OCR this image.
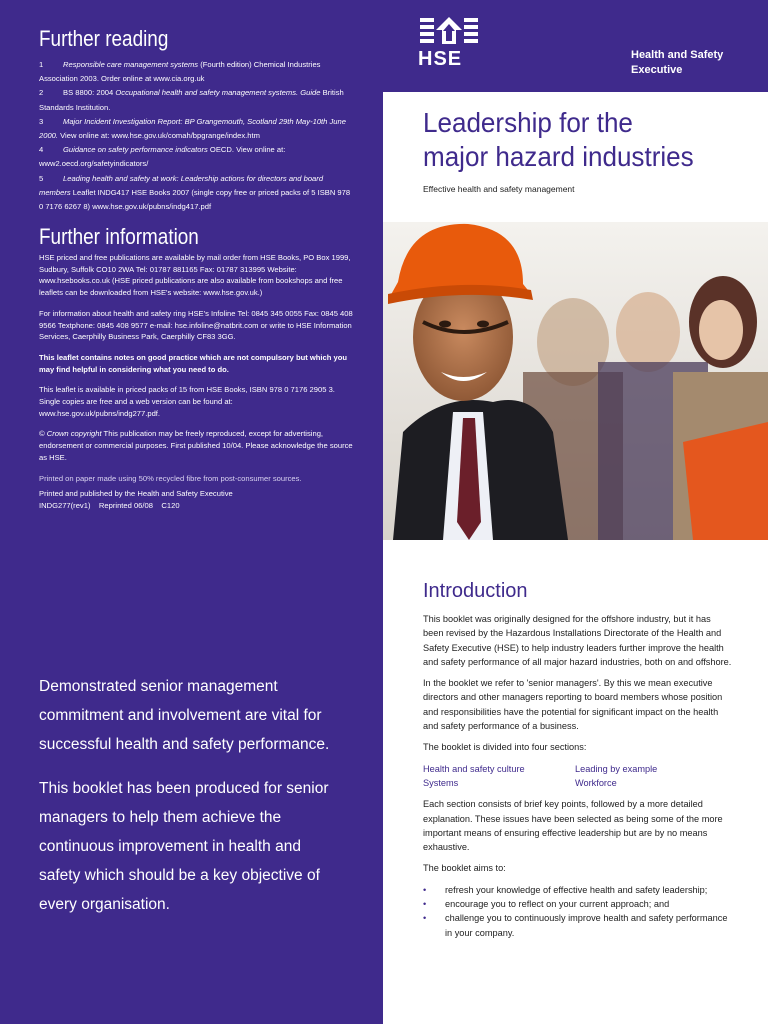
Further reading
1	Responsible care management systems (Fourth edition) Chemical Industries Association 2003. Order online at www.cia.org.uk
2	BS 8800: 2004 Occupational health and safety management systems. Guide British Standards Institution.
3	Major Incident Investigation Report: BP Grangemouth, Scotland 29th May-10th June 2000. View online at: www.hse.gov.uk/comah/bpgrange/index.htm
4	Guidance on safety performance indicators OECD. View online at: www2.oecd.org/safetyindicators/
5	Leading health and safety at work: Leadership actions for directors and board members Leaflet INDG417 HSE Books 2007 (single copy free or priced packs of 5 ISBN 978 0 7176 6267 8) www.hse.gov.uk/pubns/indg417.pdf
Further information

HSE priced and free publications are available by mail order from HSE Books, PO Box 1999, Sudbury, Suffolk CO10 2WA Tel: 01787 881165 Fax: 01787 313995 Website: www.hsebooks.co.uk (HSE priced publications are also available from bookshops and free leaflets can be downloaded from HSE's website: www.hse.gov.uk.)

For information about health and safety ring HSE's Infoline Tel: 0845 345 0055 Fax: 0845 408 9566 Textphone: 0845 408 9577 e-mail: hse.infoline@natbrit.com or write to HSE Information Services, Caerphilly Business Park, Caerphilly CF83 3GG.

This leaflet contains notes on good practice which are not compulsory but which you may find helpful in considering what you need to do.

This leaflet is available in priced packs of 15 from HSE Books, ISBN 978 0 7176 2905 3. Single copies are free and a web version can be found at: www.hse.gov.uk/pubns/indg277.pdf.

© Crown copyright This publication may be freely reproduced, except for advertising, endorsement or commercial purposes. First published 10/04. Please acknowledge the source as HSE.

Printed on paper made using 50% recycled fibre from post-consumer sources.

Printed and published by the Health and Safety Executive

INDG277(rev1)    Reprinted 06/08    C120

Demonstrated senior management commitment and involvement are vital for successful health and safety performance.

This booklet has been produced for senior managers to help them achieve the continuous improvement in health and safety which should be a key objective of every organisation.

HSE	Health and Safety
Executive
Leadership for the
major hazard industries
Effective health and safety management
Introduction

This booklet was originally designed for the offshore industry, but it has been revised by the Hazardous Installations Directorate of the Health and Safety Executive (HSE) to help industry leaders further improve the health and safety performance of all major hazard industries, both on and offshore.

In the booklet we refer to 'senior managers'. By this we mean executive directors and other managers reporting to board members whose position and responsibilities have the potential for significant impact on the health and safety performance of a business.

The booklet is divided into four sections:

Health and safety culture	Leading by example
Systems	Workforce

Each section consists of brief key points, followed by a more detailed explanation. These issues have been selected as being some of the more important means of ensuring effective leadership but are by no means exhaustive.

The booklet aims to:

• refresh your knowledge of effective health and safety leadership;
• encourage you to reflect on your current approach; and
• challenge you to continuously improve health and safety performance in your company.
